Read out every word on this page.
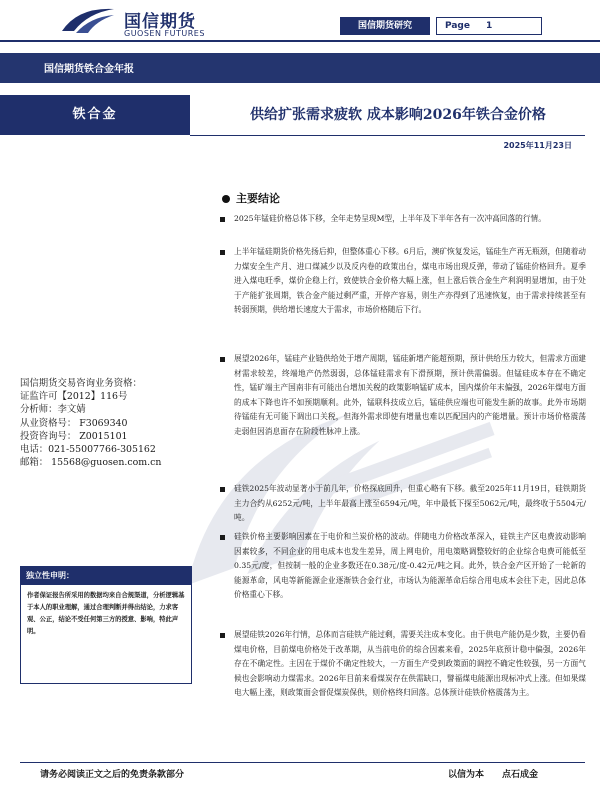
国信期货
GUOSEN FUTURES
国信期货研究	Page 1
国信期货铁合金年报
铁合金	供给扩张需求疲软 成本影响2026年铁合金价格
2025年11月23日
国信期货交易咨询业务资格：
证监许可【2012】116号
分析师：李文婧
从业资格号： F3069340
投资咨询号： Z0015101
电话：021-55007766-305162
邮箱： 15568@guosen.com.cn
独立性申明：
作者保证报告所采用的数据均来自合规渠道，分析逻辑基于本人的职业理解，通过合理判断并得出结论，力求客观、公正，结论不受任何第三方的授意、影响，特此声明。
主要结论
2025年锰硅价格总体下移，全年走势呈现M型，上半年及下半年各有一次冲高回落的行情。
上半年锰硅期货价格先扬后抑，但整体重心下移。6月后，澳矿恢复发运，锰硅生产再无瓶颈，但随着动力煤安全生产月、进口煤减少以及反内卷的政策出台，煤电市场出现反弹，带动了锰硅价格回升。夏季进入煤电旺季，煤价企稳上行，致使铁合金价格大幅上涨，但上涨后铁合金生产利润明显增加，由于处于产能扩张周期，铁合金产能过剩严重，开停产容易，则生产亦得到了迅速恢复，由于需求持续甚至有转弱预期，供给增长速度大于需求，市场价格随后下行。
展望2026年，锰硅产业链供给处于增产周期，锰硅新增产能超预期，预计供给压力较大，但需求方面建材需求较差，终端地产仍然弱弱，总体锰硅需求有下滑预期，预计供需偏弱。但锰硅成本存在不确定性，锰矿端主产国南非有可能出台增加关税的政策影响锰矿成本，国内煤价年末偏强，2026年煤电方面的成本下降也许不如预期顺利。此外，锰联科技成立后，锰硅供应端也可能发生新的故事。此外市场期待锰硅有无可能下调出口关税，但海外需求即使有增量也难以匹配国内的产能增量。预计市场价格震荡走弱但因消息面存在阶段性脉冲上涨。
硅铁2025年波动显著小于前几年，价格探底回升，但重心略有下移。截至2025年11月19日，硅铁期货主力合约从6252元/吨，上半年最高上涨至6594元/吨，年中最低下探至5062元/吨，最终收于5504元/吨。
硅铁价格主要影响因素在于电价和兰炭价格的波动。伴随电力价格改革深入，硅铁主产区电费波动影响因素较多，不同企业的用电成本也发生差异，周上网电价，用电策略调整较好的企业综合电费可能低至0.35元/度，但按制一般的企业多数还在0.38元/度-0.42元/吨之间。此外，铁合金产区开始了一轮新的能源革命，风电等新能源企业逐渐铁合金行业，市场认为能源革命后综合用电成本会往下走，因此总体价格重心下移。
展望硅铁2026年行情，总体而言硅铁产能过剩，需要关注成本变化。由于供电产能仍是少数，主要仍看煤电价格，目前煤电价格处于改革期，从当前电价的综合因素来看，2025年底预计稳中偏强，2026年存在不确定性。主因在于煤价不确定性较大，一方面生产受到政策面的调控不确定性较强，另一方面气候也会影响动力煤需求。2026年目前来看煤炭存在供需缺口，譬福煤电能源出现标冲式上涨。但如果煤电大幅上涨，则政策面会督促煤炭保供，则价格终归回落。总体预计硅铁价格震荡为主。
请务必阅读正文之后的免责条款部分	以信为本 点石成金
